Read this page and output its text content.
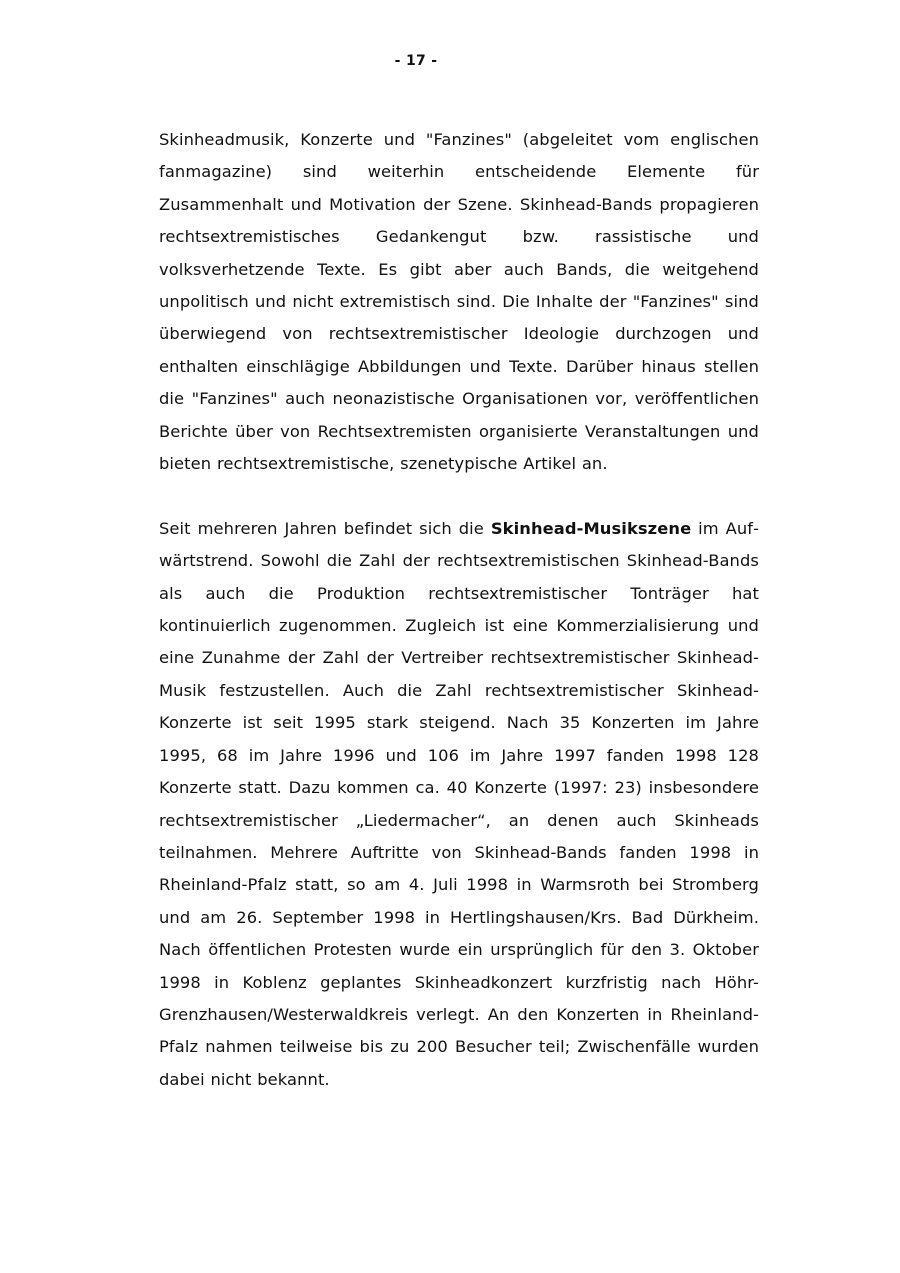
- 17 -

Skinheadmusik, Konzerte und "Fanzines" (abgeleitet vom englischen fanmagazine) sind weiterhin entscheidende Elemente für Zusammenhalt und Motivation der Szene. Skinhead-Bands propagieren rechtsextremistisches Gedankengut bzw. rassistische und volksverhetzende Texte. Es gibt aber auch Bands, die weitgehend unpolitisch und nicht extremistisch sind. Die Inhalte der "Fanzines" sind überwiegend von rechtsextremistischer Ideologie durchzogen und enthalten einschlägige Abbildungen und Texte. Darüber hinaus stellen die "Fanzines" auch neonazistische Organisationen vor, veröffentlichen Berichte über von Rechtsextremisten organisierte Veranstaltungen und bieten rechtsextremistische, szenetypische Artikel an.

Seit mehreren Jahren befindet sich die Skinhead-Musikszene im Aufwärtstrend. Sowohl die Zahl der rechtsextremistischen Skinhead-Bands als auch die Produktion rechtsextremistischer Tonträger hat kontinuierlich zugenommen. Zugleich ist eine Kommerzialisierung und eine Zunahme der Zahl der Vertreiber rechtsextremistischer Skinhead-Musik festzustellen. Auch die Zahl rechtsextremistischer Skinhead-Konzerte ist seit 1995 stark steigend. Nach 35 Konzerten im Jahre 1995, 68 im Jahre 1996 und 106 im Jahre 1997 fanden 1998 128 Konzerte statt. Dazu kommen ca. 40 Konzerte (1997: 23) insbesondere rechtsextremistischer „Liedermacher“, an denen auch Skinheads teilnahmen. Mehrere Auftritte von Skinhead-Bands fanden 1998 in Rheinland-Pfalz statt, so am 4. Juli 1998 in Warmsroth bei Stromberg und am 26. September 1998 in Hertlingshausen/Krs. Bad Dürkheim. Nach öffentlichen Protesten wurde ein ursprünglich für den 3. Oktober 1998 in Koblenz geplantes Skinheadkonzert kurzfristig nach Höhr-Grenzhausen/Westerwaldkreis verlegt. An den Konzerten in Rheinland-Pfalz nahmen teilweise bis zu 200 Besucher teil; Zwischenfälle wurden dabei nicht bekannt.
